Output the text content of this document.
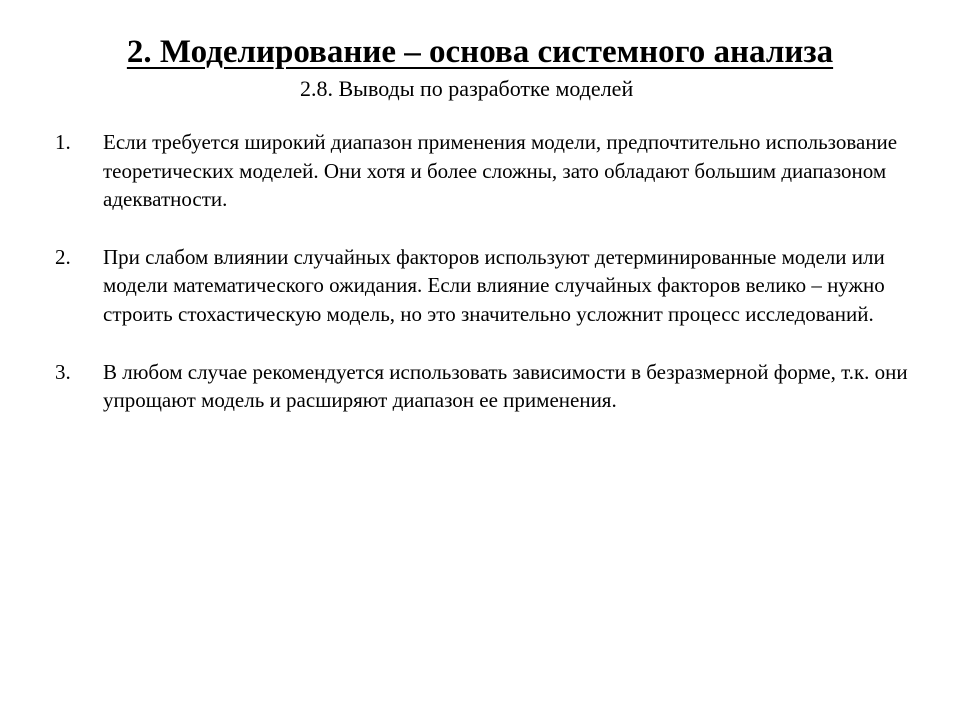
2. Моделирование – основа системного анализа
2.8. Выводы по разработке моделей
1.	Если требуется широкий диапазон применения модели, предпочтительно использование теоретических моделей. Они хотя и более сложны, зато обладают большим диапазоном адекватности.
2.	При слабом влиянии случайных факторов используют детерминированные модели или модели математического ожидания. Если влияние случайных факторов велико – нужно строить стохастическую модель, но это значительно усложнит процесс исследований.
3.	В любом случае рекомендуется использовать зависимости в безразмерной форме, т.к. они упрощают модель и расширяют диапазон ее применения.
